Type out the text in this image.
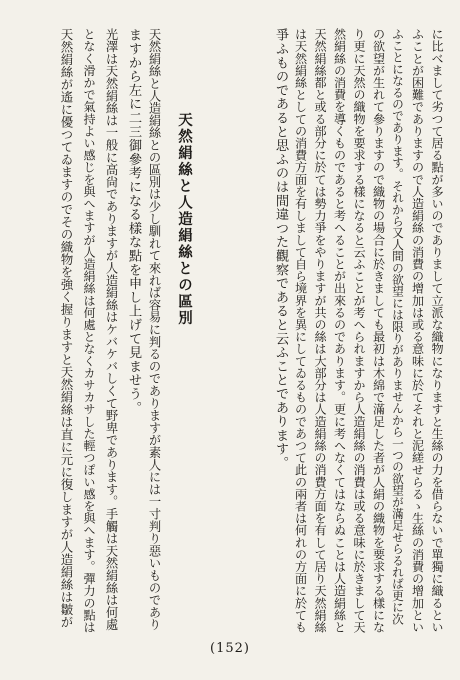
に比べまして劣つて居る點が多いのでありまして立派な織物になりますと生絲の力を借らないで單獨に織るとい
ふことが困難でありますので人造絹絲の消費の增加は或る意味に於てそれと泥縒せらるゝ生絲の消費の增加とい
ふことになるのであります。それから又人間の欲望には限りがありませんから一つの欲望が滿足せらるれば更に次
の欲望が生れて參りますので織物の場合に於きましても最初は木綿で滿足した者が人絹の織物を要求する樣にな
り更に天然の織物を要求する樣になると云ふことが考へられますから人造絹絲の消費は或る意味に於きまして天
然絹絲の消費を導くものであると考へることが出來るのであります。更に考へなくてはならぬことは人造絹絲と
天然絹絲都と或る部分に於ては勢力爭をやりますが共の絲は大部分は人造絹絲の消費方面を有して居り天然絹絲
は天然絹絲としての消費方面を有しまして自ら境界を異にしてゐるものであつて此の兩者は何れの方面に於ても
爭ふものであると思ふのは間違つた觀察であると云ふことであります。
天然絹絲と人造絹絲との區別
天然絹絲と人造絹絲との區別は少し馴れて來れば容易に判るのでありますが素人には一寸判り惡いものであり
ますから左に二三御參考になる樣な點を申し上げて見ませう。
光澤は天然絹絲は一般に高尙でありますが人造絹絲はケバケバしくて野卑であります。手觸は天然絹絲は何處
となく滑かで氣持よい感じを與へますが人造絹絲は何處となくカサカサした輕つぽい感を與へます。彈力の點は
天然絹絲が遙に優つてゐますのでその織物を強く握りますと天然絹絲は直に元に復しますが人造絹絲は皺が
(152)
